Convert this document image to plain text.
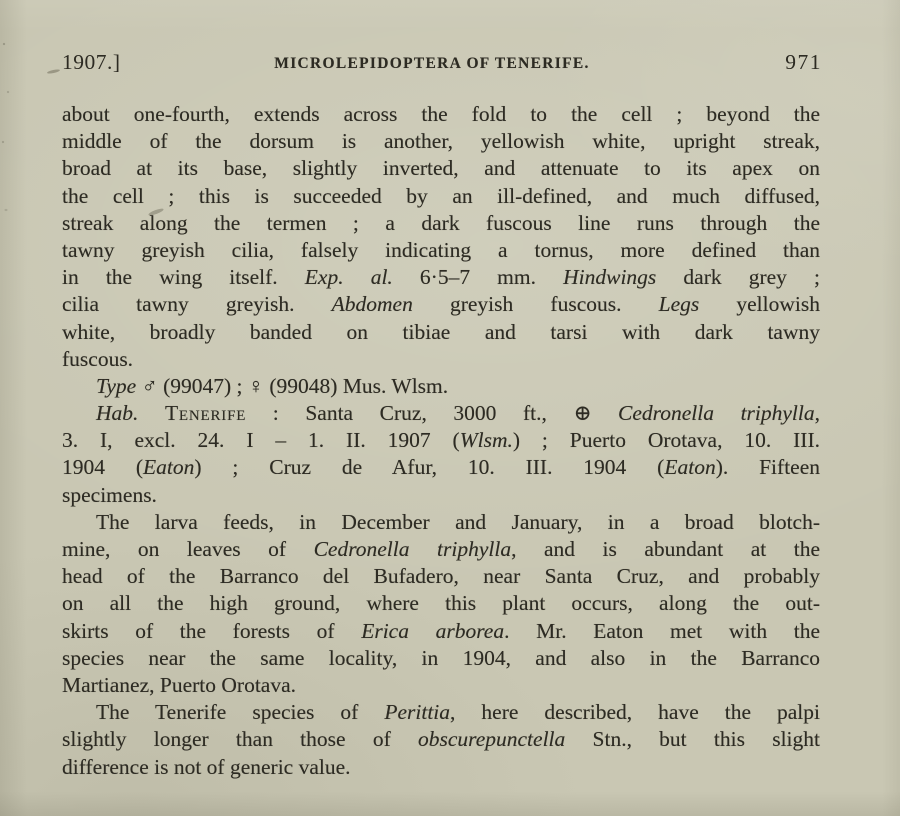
1907.]	MICROLEPIDOPTERA OF TENERIFE.	971
about one-fourth, extends across the fold to the cell ; beyond the
middle of the dorsum is another, yellowish white, upright streak,
broad at its base, slightly inverted, and attenuate to its apex on
the cell ; this is succeeded by an ill-defined, and much diffused,
streak along the termen ; a dark fuscous line runs through the
tawny greyish cilia, falsely indicating a tornus, more defined than
in the wing itself. Exp. al. 6·5–7 mm. Hindwings dark grey ;
cilia tawny greyish. Abdomen greyish fuscous. Legs yellowish
white, broadly banded on tibiae and tarsi with dark tawny
fuscous.
Type ♂ (99047) ; ♀ (99048) Mus. Wlsm.
Hab. Tenerife : Santa Cruz, 3000 ft., ⊕ Cedronella triphylla,
3. I, excl. 24. I – 1. II. 1907 (Wlsm.) ; Puerto Orotava, 10. III.
1904 (Eaton) ; Cruz de Afur, 10. III. 1904 (Eaton). Fifteen
specimens.
The larva feeds, in December and January, in a broad blotch-
mine, on leaves of Cedronella triphylla, and is abundant at the
head of the Barranco del Bufadero, near Santa Cruz, and probably
on all the high ground, where this plant occurs, along the out-
skirts of the forests of Erica arborea. Mr. Eaton met with the
species near the same locality, in 1904, and also in the Barranco
Martianez, Puerto Orotava.
The Tenerife species of Perittia, here described, have the palpi
slightly longer than those of obscurepunctella Stn., but this slight
difference is not of generic value.
